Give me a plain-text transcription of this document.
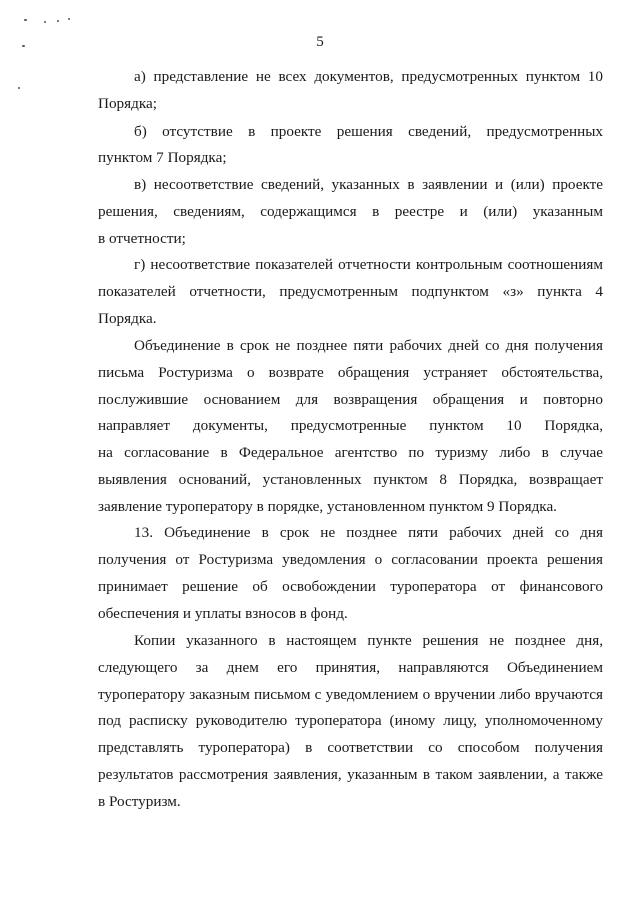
5
а) представление не всех документов, предусмотренных пунктом 10
Порядка;
б) отсутствие в проекте решения сведений, предусмотренных
пунктом 7 Порядка;
в) несоответствие сведений, указанных в заявлении и (или) проекте
решения, сведениям, содержащимся в реестре и (или) указанным
в отчетности;
г) несоответствие показателей отчетности контрольным соотношениям
показателей отчетности, предусмотренным подпунктом «з» пункта 4
Порядка.
Объединение в срок не позднее пяти рабочих дней со дня получения
письма Ростуризма о возврате обращения устраняет обстоятельства,
послужившие основанием для возвращения обращения и повторно
направляет документы, предусмотренные пунктом 10 Порядка,
на согласование в Федеральное агентство по туризму либо в случае
выявления оснований, установленных пунктом 8 Порядка, возвращает
заявление туроператору в порядке, установленном пунктом 9 Порядка.
13. Объединение в срок не позднее пяти рабочих дней со дня
получения от Ростуризма уведомления о согласовании проекта решения
принимает решение об освобождении туроператора от финансового
обеспечения и уплаты взносов в фонд.
Копии указанного в настоящем пункте решения не позднее дня,
следующего за днем его принятия, направляются Объединением
туроператору заказным письмом с уведомлением о вручении либо вручаются
под расписку руководителю туроператора (иному лицу, уполномоченному
представлять туроператора) в соответствии со способом получения
результатов рассмотрения заявления, указанным в таком заявлении, а также
в Ростуризм.
